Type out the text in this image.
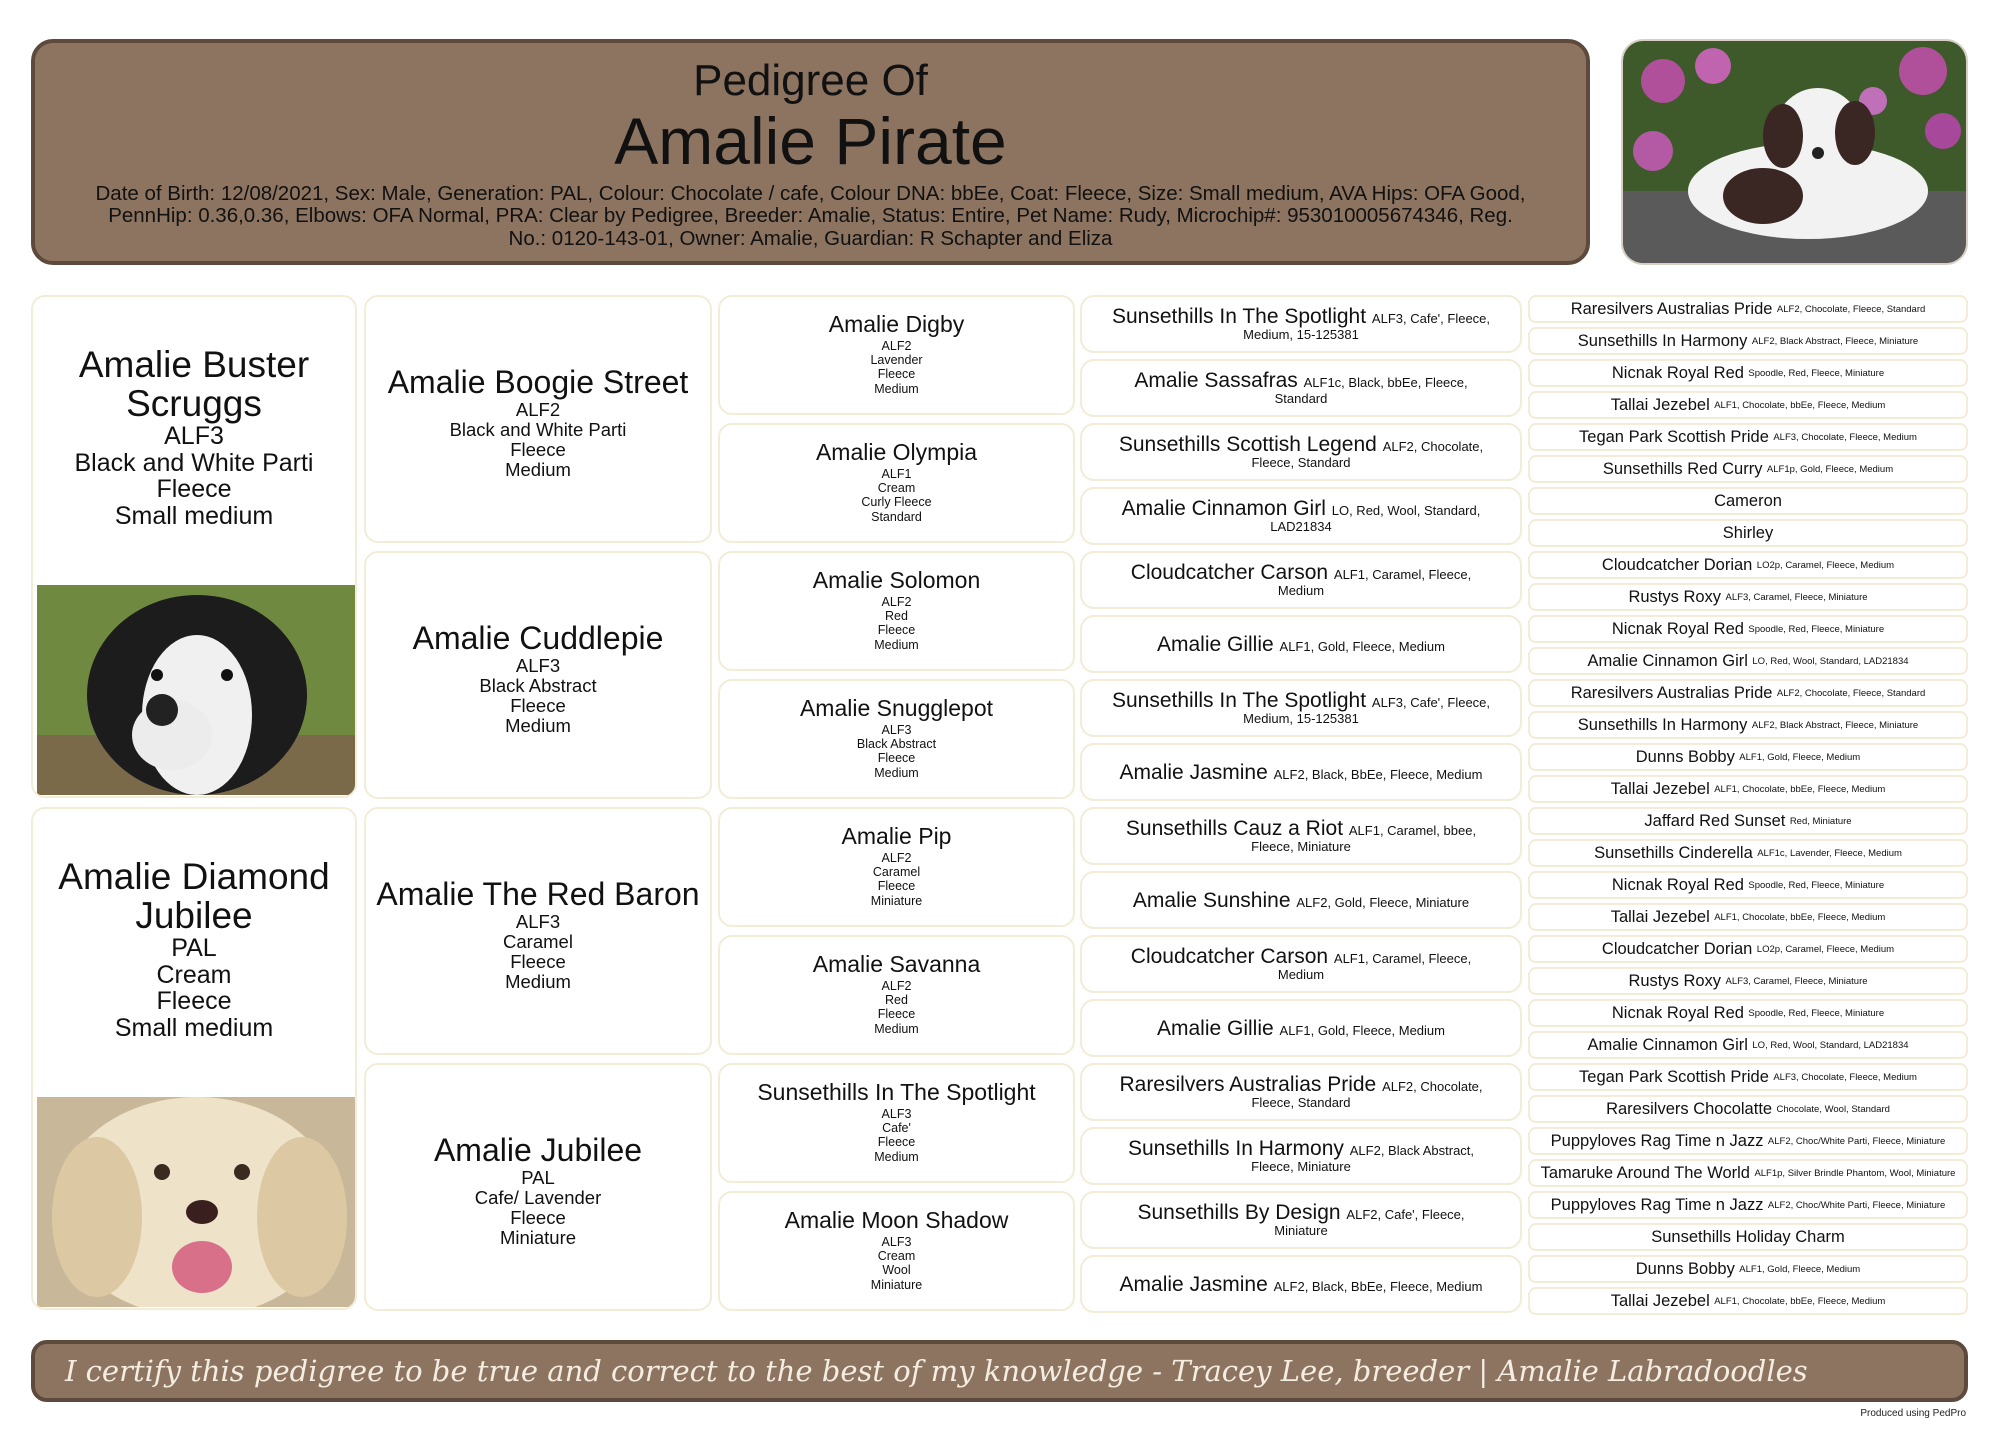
Pedigree Of
Amalie Pirate
Date of Birth: 12/08/2021, Sex: Male, Generation: PAL, Colour: Chocolate / cafe, Colour DNA: bbEe, Coat: Fleece, Size: Small medium, AVA Hips: OFA Good, PennHip: 0.36,0.36, Elbows: OFA Normal, PRA: Clear by Pedigree, Breeder: Amalie, Status: Entire, Pet Name: Rudy, Microchip#: 953010005674346, Reg. No.: 0120-143-01, Owner: Amalie, Guardian: R Schapter and Eliza
Amalie Buster Scruggs
ALF3
Black and White Parti
Fleece
Small medium
Amalie Diamond Jubilee
PAL
Cream
Fleece
Small medium
Amalie Boogie Street
ALF2
Black and White Parti
Fleece
Medium
Amalie Cuddlepie
ALF3
Black Abstract
Fleece
Medium
Amalie The Red Baron
ALF3
Caramel
Fleece
Medium
Amalie Jubilee
PAL
Cafe/ Lavender
Fleece
Miniature
Amalie Digby
ALF2
Lavender
Fleece
Medium
Amalie Olympia
ALF1
Cream
Curly Fleece
Standard
Amalie Solomon
ALF2
Red
Fleece
Medium
Amalie Snugglepot
ALF3
Black Abstract
Fleece
Medium
Amalie Pip
ALF2
Caramel
Fleece
Miniature
Amalie Savanna
ALF2
Red
Fleece
Medium
Sunsethills In The Spotlight
ALF3
Cafe'
Fleece
Medium
Amalie Moon Shadow
ALF3
Cream
Wool
Miniature
Sunsethills In The Spotlight ALF3, Cafe', Fleece,
Medium, 15-125381
Amalie Sassafras ALF1c, Black, bbEe, Fleece,
Standard
Sunsethills Scottish Legend ALF2, Chocolate,
Fleece, Standard
Amalie Cinnamon Girl LO, Red, Wool, Standard,
LAD21834
Cloudcatcher Carson ALF1, Caramel, Fleece,
Medium
Amalie Gillie ALF1, Gold, Fleece, Medium
Sunsethills In The Spotlight ALF3, Cafe', Fleece,
Medium, 15-125381
Amalie Jasmine ALF2, Black, BbEe, Fleece, Medium
Sunsethills Cauz a Riot ALF1, Caramel, bbee,
Fleece, Miniature
Amalie Sunshine ALF2, Gold, Fleece, Miniature
Cloudcatcher Carson ALF1, Caramel, Fleece,
Medium
Amalie Gillie ALF1, Gold, Fleece, Medium
Raresilvers Australias Pride ALF2, Chocolate,
Fleece, Standard
Sunsethills In Harmony ALF2, Black Abstract,
Fleece, Miniature
Sunsethills By Design ALF2, Cafe', Fleece,
Miniature
Amalie Jasmine ALF2, Black, BbEe, Fleece, Medium
Raresilvers Australias Pride
ALF2, Chocolate, Fleece, Standard
Sunsethills In Harmony
ALF2, Black Abstract, Fleece, Miniature
Nicnak Royal Red
Spoodle, Red, Fleece, Miniature
Tallai Jezebel
ALF1, Chocolate, bbEe, Fleece, Medium
Tegan Park Scottish Pride
ALF3, Chocolate, Fleece, Medium
Sunsethills Red Curry
ALF1p, Gold, Fleece, Medium
Cameron
Shirley
Cloudcatcher Dorian
LO2p, Caramel, Fleece, Medium
Rustys Roxy
ALF3, Caramel, Fleece, Miniature
Nicnak Royal Red
Spoodle, Red, Fleece, Miniature
Amalie Cinnamon Girl
LO, Red, Wool, Standard, LAD21834
Raresilvers Australias Pride
ALF2, Chocolate, Fleece, Standard
Sunsethills In Harmony
ALF2, Black Abstract, Fleece, Miniature
Dunns Bobby
ALF1, Gold, Fleece, Medium
Tallai Jezebel
ALF1, Chocolate, bbEe, Fleece, Medium
Jaffard Red Sunset
Red, Miniature
Sunsethills Cinderella
ALF1c, Lavender, Fleece, Medium
Nicnak Royal Red
Spoodle, Red, Fleece, Miniature
Tallai Jezebel
ALF1, Chocolate, bbEe, Fleece, Medium
Cloudcatcher Dorian
LO2p, Caramel, Fleece, Medium
Rustys Roxy
ALF3, Caramel, Fleece, Miniature
Nicnak Royal Red
Spoodle, Red, Fleece, Miniature
Amalie Cinnamon Girl
LO, Red, Wool, Standard, LAD21834
Tegan Park Scottish Pride
ALF3, Chocolate, Fleece, Medium
Raresilvers Chocolatte
Chocolate, Wool, Standard
Puppyloves Rag Time n Jazz
ALF2, Choc/White Parti, Fleece, Miniature
Tamaruke Around The World
ALF1p, Silver Brindle Phantom, Wool, Miniature
Puppyloves Rag Time n Jazz
ALF2, Choc/White Parti, Fleece, Miniature
Sunsethills Holiday Charm
Dunns Bobby
ALF1, Gold, Fleece, Medium
Tallai Jezebel
ALF1, Chocolate, bbEe, Fleece, Medium
I certify this pedigree to be true and correct to the best of my knowledge - Tracey Lee, breeder | Amalie Labradoodles
Produced using PedPro
